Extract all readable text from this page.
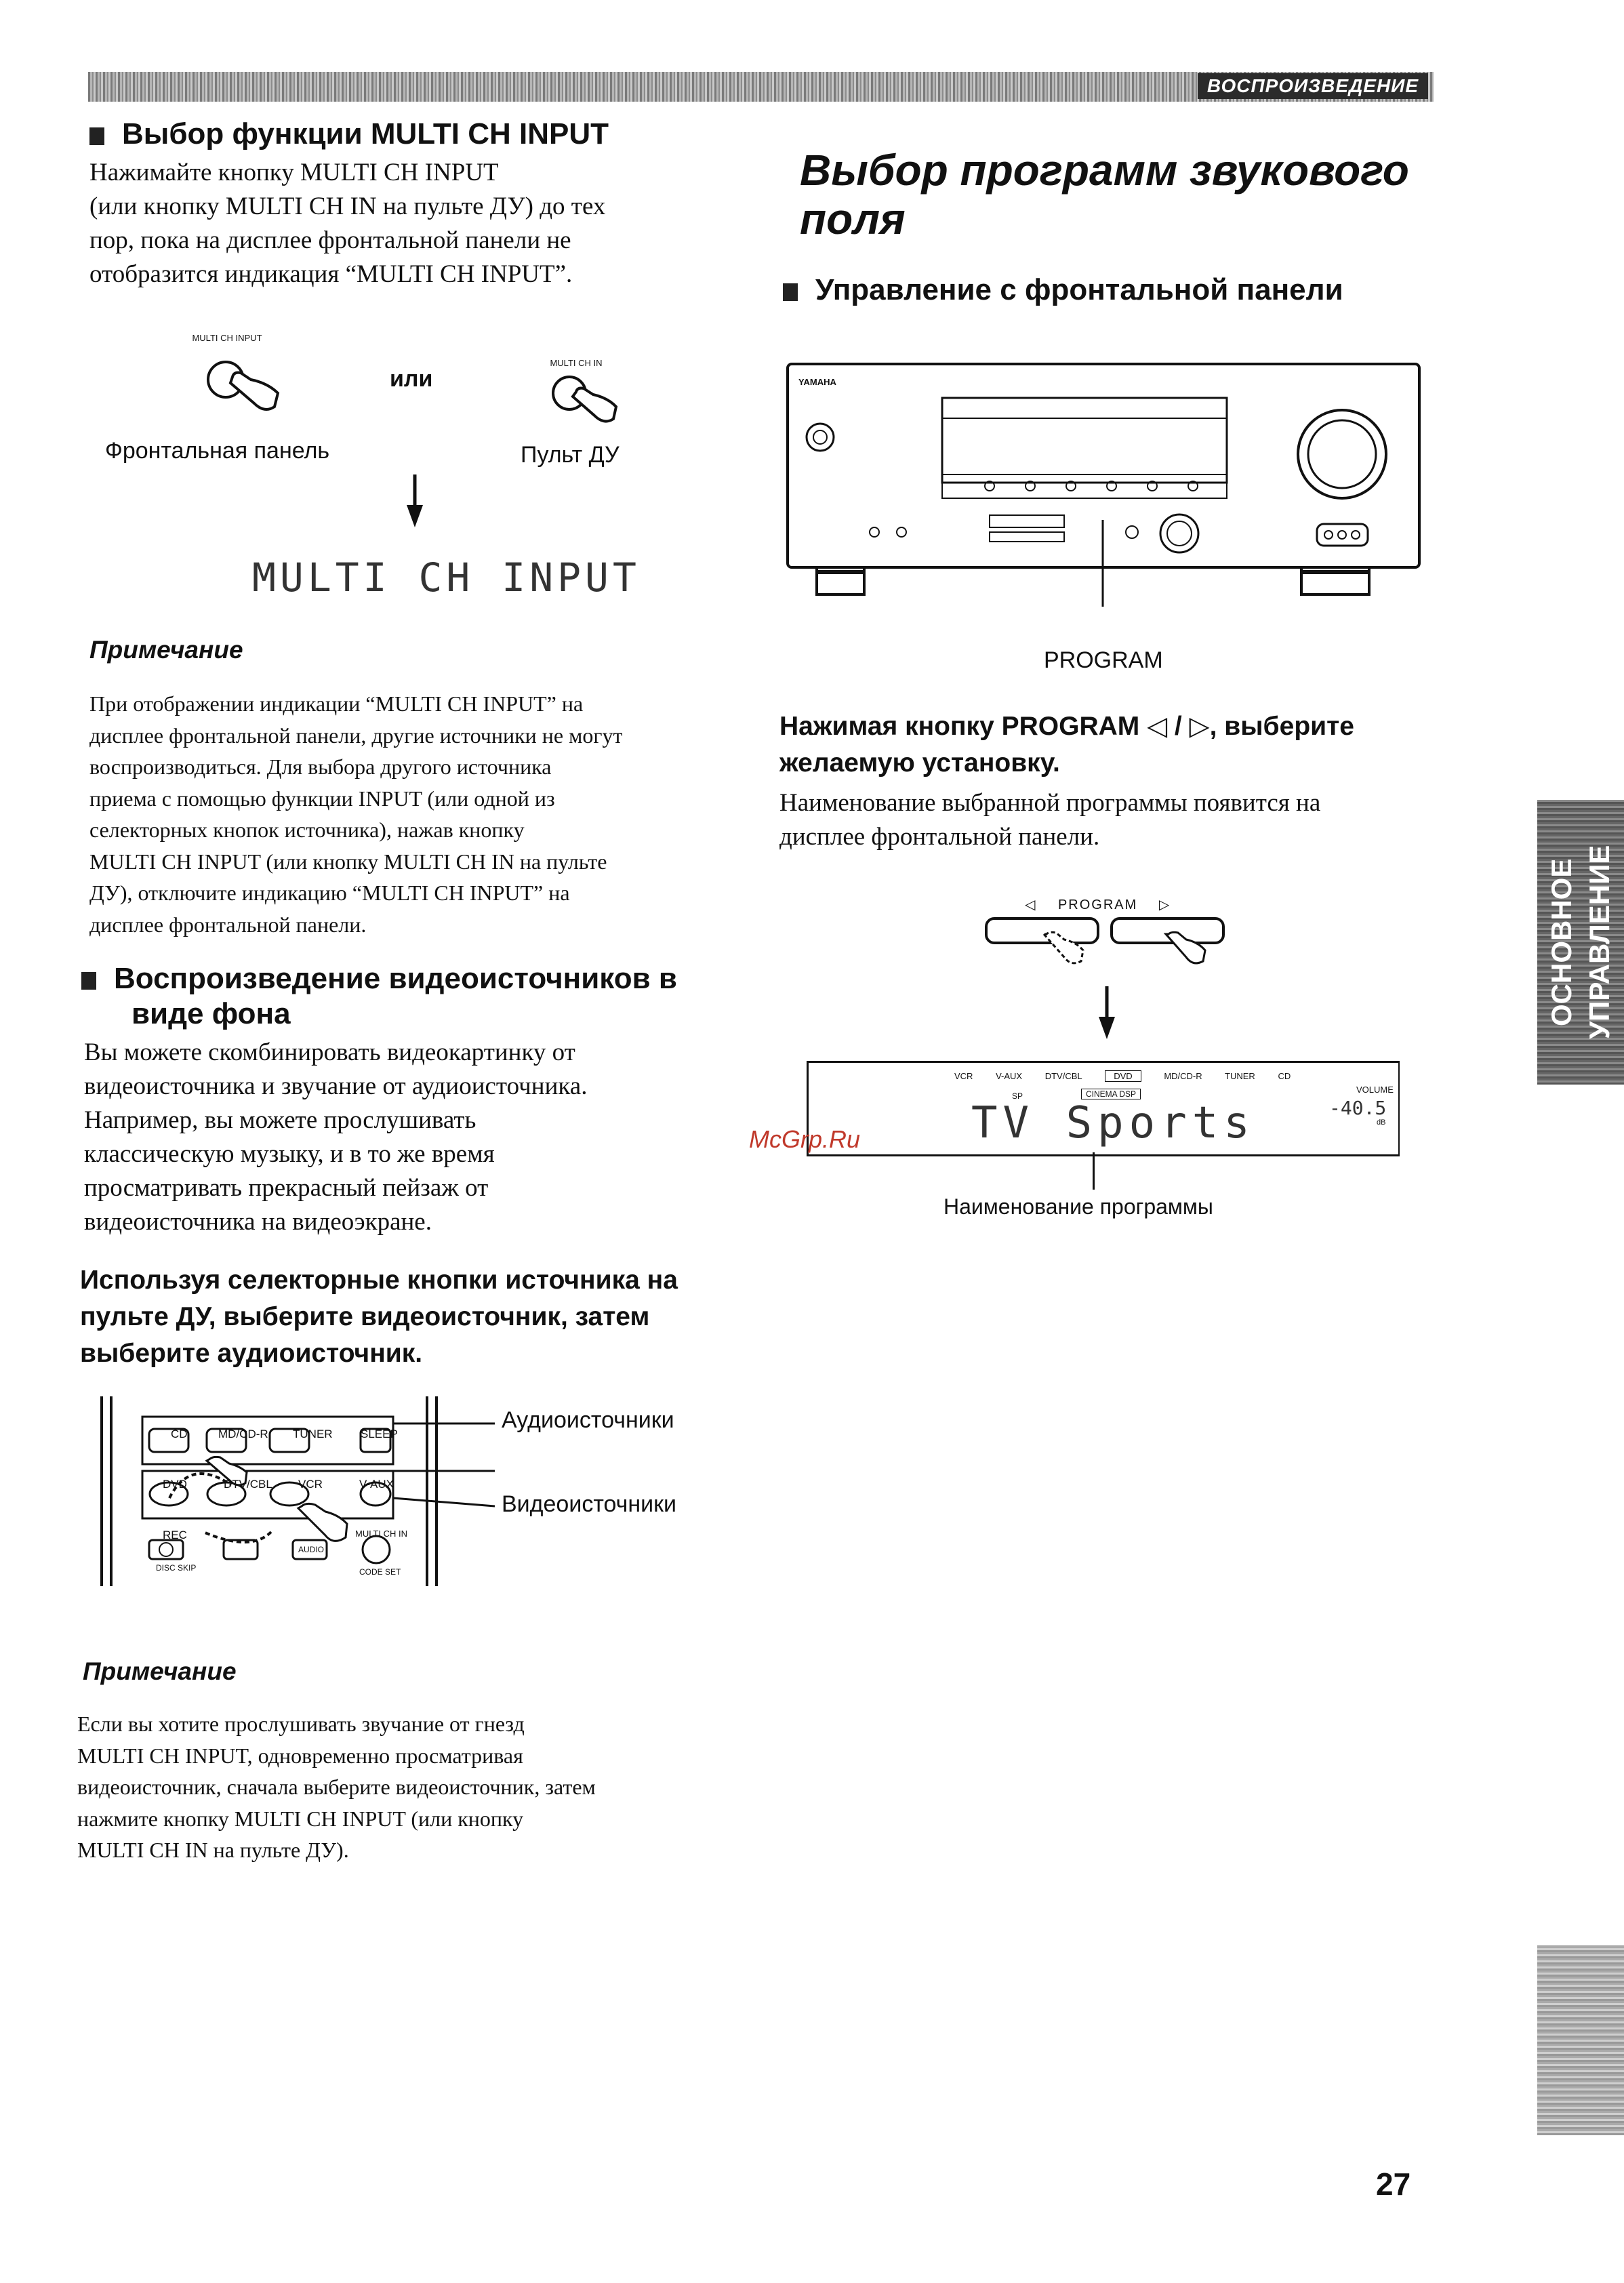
ВОСПРОИЗВЕДЕНИЕ
Выбор функции MULTI CH INPUT
Нажимайте кнопку MULTI CH INPUT
(или кнопку MULTI CH IN на пульте ДУ) до тех
пор, пока на дисплее фронтальной панели не
отобразится индикация “MULTI CH INPUT”.
MULTI CH INPUT
или
MULTI CH IN
Фронтальная панель	Пульт ДУ
MULTI CH INPUT
Примечание
При отображении индикации “MULTI CH INPUT” на
дисплее фронтальной панели, другие источники не могут
воспроизводиться. Для выбора другого источника
приема с помощью функции INPUT (или одной из
селекторных кнопок источника), нажав кнопку
MULTI CH INPUT (или кнопку MULTI CH IN на пульте
ДУ), отключите индикацию “MULTI CH INPUT” на
дисплее фронтальной панели.
Воспроизведение видеоисточников в
виде фона
Вы можете скомбинировать видеокартинку от
видеоисточника и звучание от аудиоисточника.
Например, вы можете прослушивать
классическую музыку, и в то же время
просматривать прекрасный пейзаж от
видеоисточника на видеоэкране.
Используя селекторные кнопки источника на
пульте ДУ, выберите видеоисточник, затем
выберите аудиоисточник.
CD	MD/CD-R TUNER SLEEP
DVD	DTV/CBL VCR	V-AUX
REC	MULTI CH IN
DISC SKIP	CODE SET
AUDIO
Аудиоисточники
Видеоисточники
Примечание
Если вы хотите прослушивать звучание от гнезд
MULTI CH INPUT, одновременно просматривая
видеоисточник, сначала выберите видеоисточник, затем
нажмите кнопку MULTI CH INPUT (или кнопку
MULTI CH IN на пульте ДУ).
Выбор программ звукового
поля
Управление с фронтальной панели
YAMAHA
PROGRAM
Нажимая кнопку PROGRAM ◁ / ▷, выберите
желаемую установку.
Наименование выбранной программы появится на
дисплее фронтальной панели.
◁ PROGRAM ▷
VCR	V-AUX	DTV/CBL	DVD	MD/CD-R	TUNER	CD
CINEMA DSP
SP
TV Sports
VOLUME
-40.5
dB
Наименование программы
McGrp.Ru
ОСНОВНОЕ УПРАВЛЕНИЕ
27
